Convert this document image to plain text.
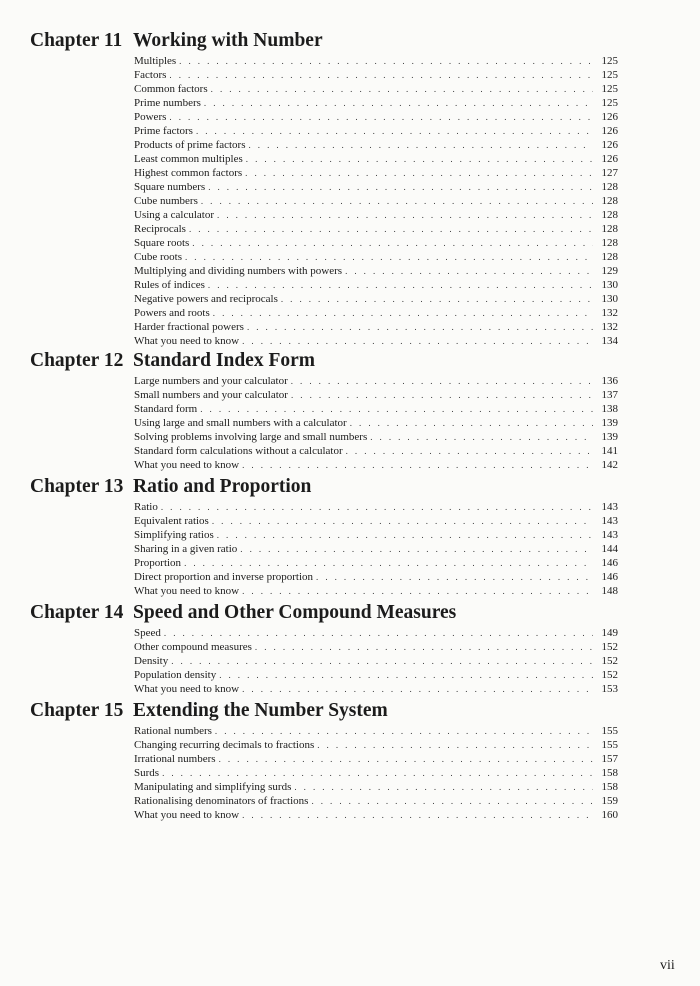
Chapter 11 Working with Number
Multiples . . .	125
Factors . . .	125
Common factors . . .	125
Prime numbers . . .	125
Powers . . .	126
Prime factors . . .	126
Products of prime factors . . .	126
Least common multiples . . .	126
Highest common factors . . .	127
Square numbers . . .	128
Cube numbers . . .	128
Using a calculator . . .	128
Reciprocals . . .	128
Square roots . . .	128
Cube roots . . .	128
Multiplying and dividing numbers with powers . . .	129
Rules of indices . . .	130
Negative powers and reciprocals . . .	130
Powers and roots . . .	132
Harder fractional powers . . .	132
What you need to know . . .	134
Chapter 12 Standard Index Form
Large numbers and your calculator . . .	136
Small numbers and your calculator . . .	137
Standard form . . .	138
Using large and small numbers with a calculator . . .	139
Solving problems involving large and small numbers . . .	139
Standard form calculations without a calculator . . .	141
What you need to know . . .	142
Chapter 13 Ratio and Proportion
Ratio . . .	143
Equivalent ratios . . .	143
Simplifying ratios . . .	143
Sharing in a given ratio . . .	144
Proportion . . .	146
Direct proportion and inverse proportion . . .	146
What you need to know . . .	148
Chapter 14 Speed and Other Compound Measures
Speed . . .	149
Other compound measures . . .	152
Density . . .	152
Population density . . .	152
What you need to know . . .	153
Chapter 15 Extending the Number System
Rational numbers . . .	155
Changing recurring decimals to fractions . . .	155
Irrational numbers . . .	157
Surds . . .	158
Manipulating and simplifying surds . . .	158
Rationalising denominators of fractions . . .	159
What you need to know . . .	160
vii
